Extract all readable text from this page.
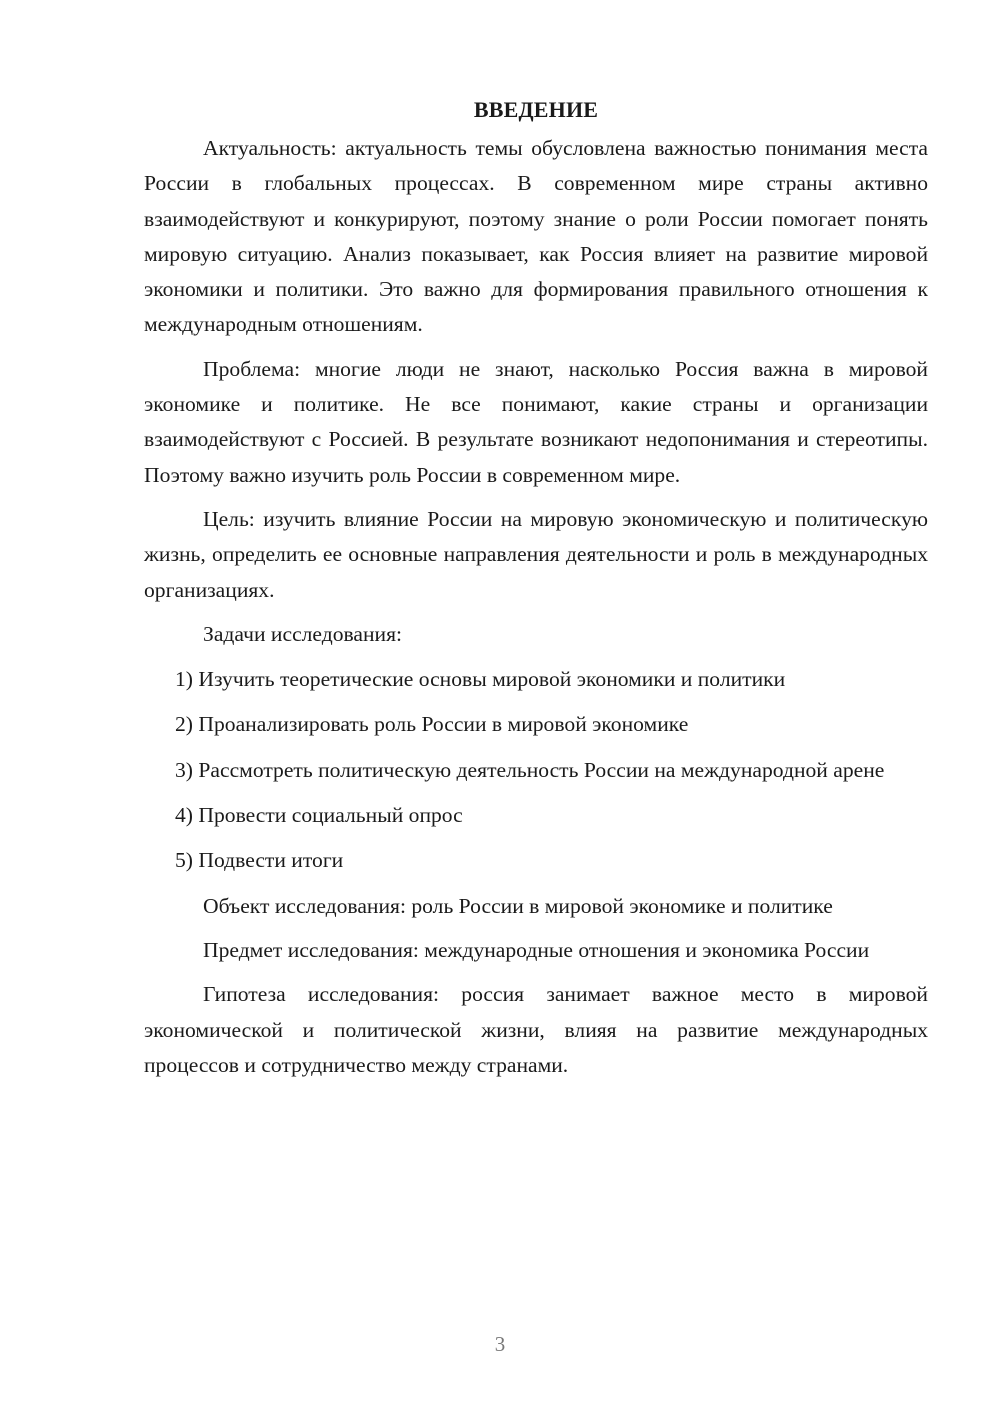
ВВЕДЕНИЕ

Актуальность: актуальность темы обусловлена важностью понимания места России в глобальных процессах. В современном мире страны активно взаимодействуют и конкурируют, поэтому знание о роли России помогает понять мировую ситуацию. Анализ показывает, как Россия влияет на развитие мировой экономики и политики. Это важно для формирования правильного отношения к международным отношениям.

Проблема: многие люди не знают, насколько Россия важна в мировой экономике и политике. Не все понимают, какие страны и организации взаимодействуют с Россией. В результате возникают недопонимания и стереотипы. Поэтому важно изучить роль России в современном мире.

Цель: изучить влияние России на мировую экономическую и политическую жизнь, определить ее основные направления деятельности и роль в международных организациях.

Задачи исследования:

1) Изучить теоретические основы мировой экономики и политики

2) Проанализировать роль России в мировой экономике

3) Рассмотреть политическую деятельность России на международной арене

4) Провести социальный опрос

5) Подвести итоги

Объект исследования: роль России в мировой экономике и политике

Предмет исследования: международные отношения и экономика России

Гипотеза исследования: россия занимает важное место в мировой экономической и политической жизни, влияя на развитие международных процессов и сотрудничество между странами.

3
